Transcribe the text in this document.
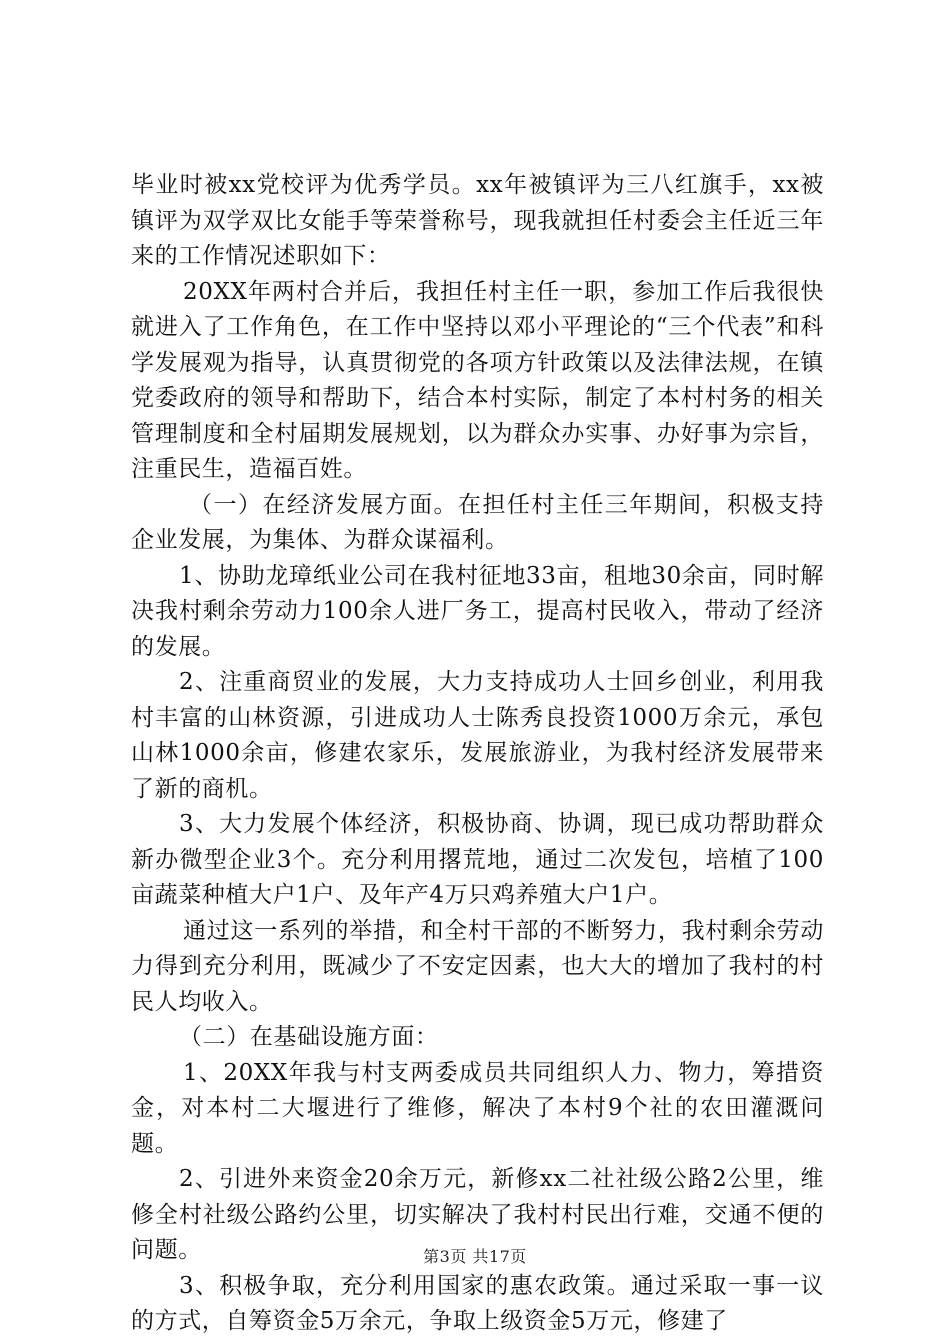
毕业时被xx党校评为优秀学员。xx年被镇评为三八红旗手，xx被镇评为双学双比女能手等荣誉称号，现我就担任村委会主任近三年来的工作情况述职如下：

20XX年两村合并后，我担任村主任一职，参加工作后我很快就进入了工作角色，在工作中坚持以邓小平理论的“三个代表”和科学发展观为指导，认真贯彻党的各项方针政策以及法律法规，在镇党委政府的领导和帮助下，结合本村实际，制定了本村村务的相关管理制度和全村届期发展规划，以为群众办实事、办好事为宗旨，注重民生，造福百姓。

（一）在经济发展方面。在担任村主任三年期间，积极支持企业发展，为集体、为群众谋福利。

1、协助龙璋纸业公司在我村征地33亩，租地30余亩，同时解决我村剩余劳动力100余人进厂务工，提高村民收入，带动了经济的发展。

2、注重商贸业的发展，大力支持成功人士回乡创业，利用我村丰富的山林资源，引进成功人士陈秀良投资1000万余元，承包山林1000余亩，修建农家乐，发展旅游业，为我村经济发展带来了新的商机。

3、大力发展个体经济，积极协商、协调，现已成功帮助群众新办微型企业3个。充分利用撂荒地，通过二次发包，培植了100亩蔬菜种植大户1户、及年产4万只鸡养殖大户1户。

通过这一系列的举措，和全村干部的不断努力，我村剩余劳动力得到充分利用，既减少了不安定因素，也大大的增加了我村的村民人均收入。

（二）在基础设施方面：

1、20XX年我与村支两委成员共同组织人力、物力，筹措资金，对本村二大堰进行了维修，解决了本村9个社的农田灌溉问题。

2、引进外来资金20余万元，新修xx二社社级公路2公里，维修全村社级公路约公里，切实解决了我村村民出行难，交通不便的问题。

3、积极争取，充分利用国家的惠农政策。通过采取一事一议的方式，自筹资金5万余元，争取上级资金5万元，修建了

第3页 共17页
